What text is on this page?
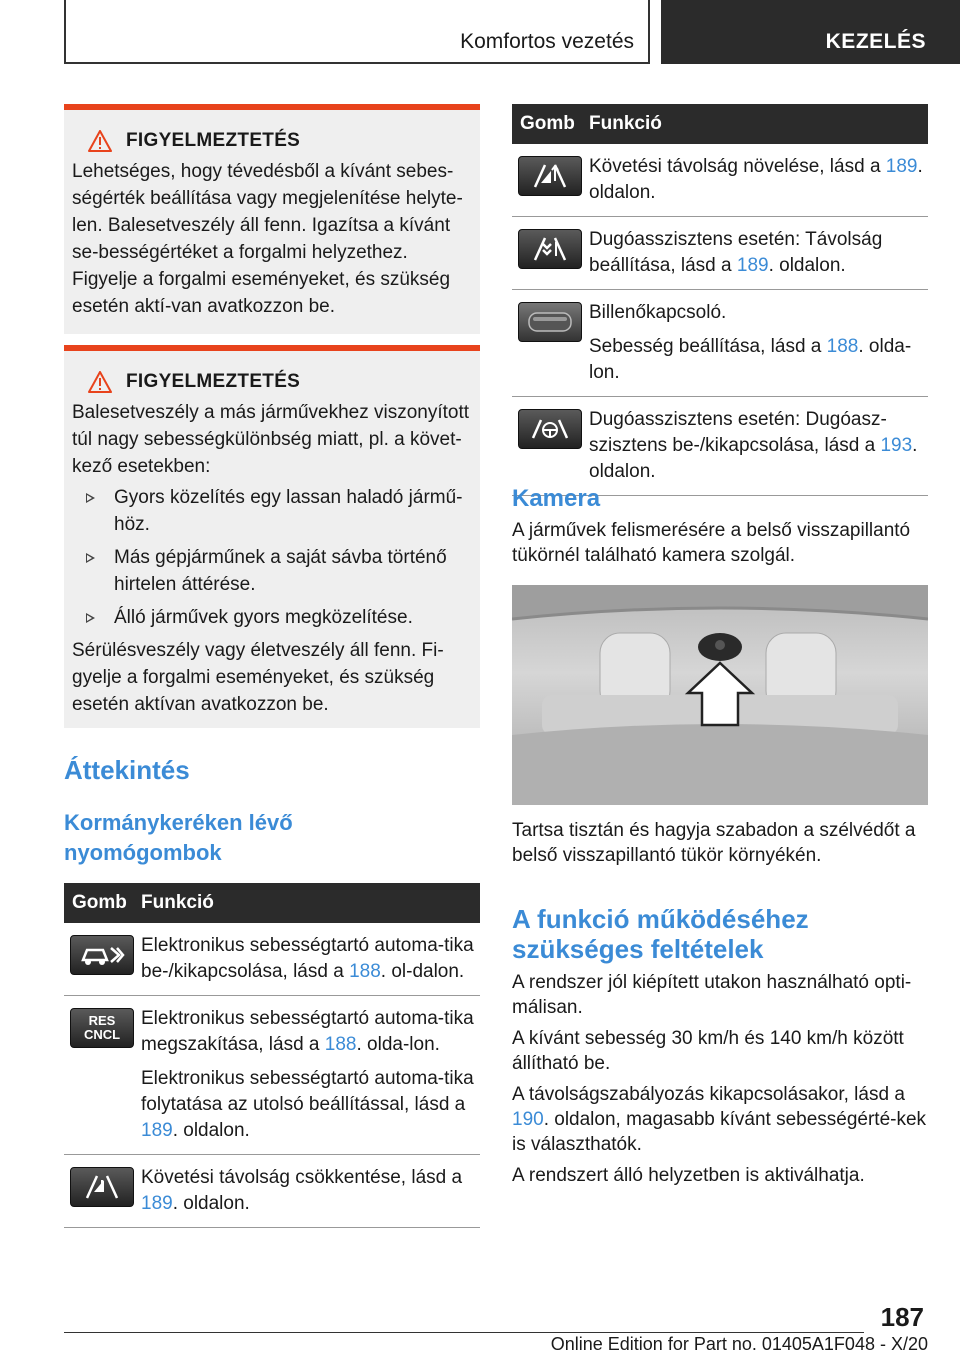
Komfortos vezetés	KEZELÉS
FIGYELMEZTETÉS

Lehetséges, hogy tévedésből a kívánt sebes-ségérték beállítása vagy megjelenítése helyte-len. Balesetveszély áll fenn. Igazítsa a kívánt se-bességértéket a forgalmi helyzethez. Figyelje a forgalmi eseményeket, és szükség esetén aktí-van avatkozzon be.

FIGYELMEZTETÉS

Balesetveszély a más járművekhez viszonyított túl nagy sebességkülönbség miatt, pl. a követ-kező esetekben:

Gyors közelítés egy lassan haladó jármű-höz.
Más gépjárműnek a saját sávba történő hirtelen áttérése.
Álló járművek gyors megközelítése.

Sérülésveszély vagy életveszély áll fenn. Fi-gyelje a forgalmi eseményeket, és szükség esetén aktívan avatkozzon be.

Áttekintés
Kormánykeréken lévő nyomógombok
Gomb Funkció

Elektronikus sebességtartó automa-tika be-/kikapcsolása, lásd a 188. ol-dalon.

RES
CNCL

Elektronikus sebességtartó automa-tika megszakítása, lásd a 188. olda-lon.

Elektronikus sebességtartó automa-tika folytatása az utolsó beállítással, lásd a 189. oldalon.

Követési távolság csökkentése, lásd a 189. oldalon.

Gomb Funkció

Követési távolság növelése, lásd a 189. oldalon.

Dugóasszisztens esetén: Távolság beállítása, lásd a 189. oldalon.

Billenőkapcsoló.

Sebesség beállítása, lásd a 188. olda-lon.

Dugóasszisztens esetén: Dugóasz-szisztens be-/kikapcsolása, lásd a 193. oldalon.

Kamera

A járművek felismerésére a belső visszapillantó tükörnél található kamera szolgál.

Tartsa tisztán és hagyja szabadon a szélvédőt a belső visszapillantó tükör környékén.

A funkció működéséhez szükséges feltételek

A rendszer jól kiépített utakon használható opti-málisan.

A kívánt sebesség 30 km/h és 140 km/h között állítható be.

A távolságszabályozás kikapcsolásakor, lásd a 190. oldalon, magasabb kívánt sebességérté-kek is választhatók.

A rendszert álló helyzetben is aktiválhatja.

187
Online Edition for Part no. 01405A1F048 - X/20
